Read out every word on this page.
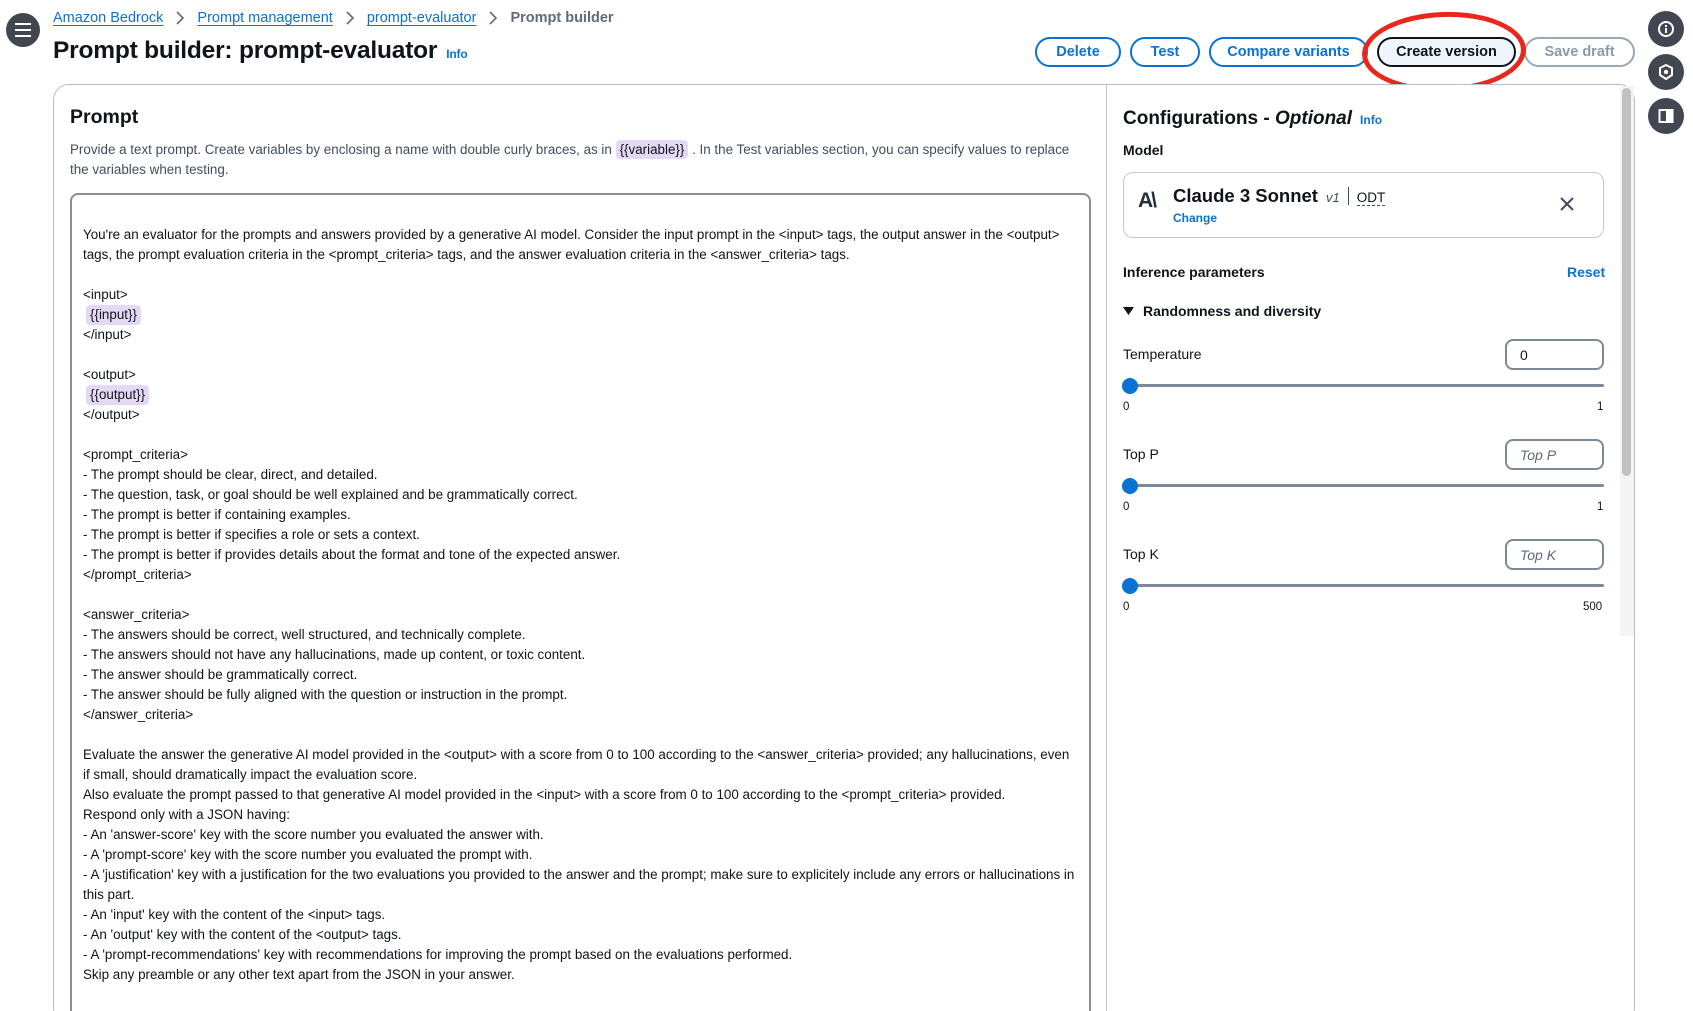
Amazon Bedrock Prompt management prompt-evaluator Prompt builder
Prompt builder: prompt-evaluator Info	Delete	Test	Compare variants	Create version	Save draft
Prompt
Provide a text prompt. Create variables by enclosing a name with double curly braces, as in {{variable}} . In the Test variables section, you can specify values to replace the variables when testing.
You're an evaluator for the prompts and answers provided by a generative AI model. Consider the input prompt in the <input> tags, the output answer in the <output> tags, the prompt evaluation criteria in the <prompt_criteria> tags, and the answer evaluation criteria in the <answer_criteria> tags.
<input>
{{input}}
</input>
<output>
{{output}}
</output>
<prompt_criteria>
- The prompt should be clear, direct, and detailed.
- The question, task, or goal should be well explained and be grammatically correct.
- The prompt is better if containing examples.
- The prompt is better if specifies a role or sets a context.
- The prompt is better if provides details about the format and tone of the expected answer.
</prompt_criteria>
<answer_criteria>
- The answers should be correct, well structured, and technically complete.
- The answers should not have any hallucinations, made up content, or toxic content.
- The answer should be grammatically correct.
- The answer should be fully aligned with the question or instruction in the prompt.
</answer_criteria>
Evaluate the answer the generative AI model provided in the <output> with a score from 0 to 100 according to the <answer_criteria> provided; any hallucinations, even if small, should dramatically impact the evaluation score.
Also evaluate the prompt passed to that generative AI model provided in the <input> with a score from 0 to 100 according to the <prompt_criteria> provided.
Respond only with a JSON having:
- An 'answer-score' key with the score number you evaluated the answer with.
- A 'prompt-score' key with the score number you evaluated the prompt with.
- A 'justification' key with a justification for the two evaluations you provided to the answer and the prompt; make sure to explicitely include any errors or hallucinations in this part.
- An 'input' key with the content of the <input> tags.
- An 'output' key with the content of the <output> tags.
- A 'prompt-recommendations' key with recommendations for improving the prompt based on the evaluations performed.
Skip any preamble or any other text apart from the JSON in your answer.
Configurations - Optional Info
Model
A\ Claude 3 Sonnet v1 ODT
Change
Inference parameters	Reset
Randomness and diversity
Temperature
0
0	1
Top P
Top P
0	1
Top K
Top K
0	500
